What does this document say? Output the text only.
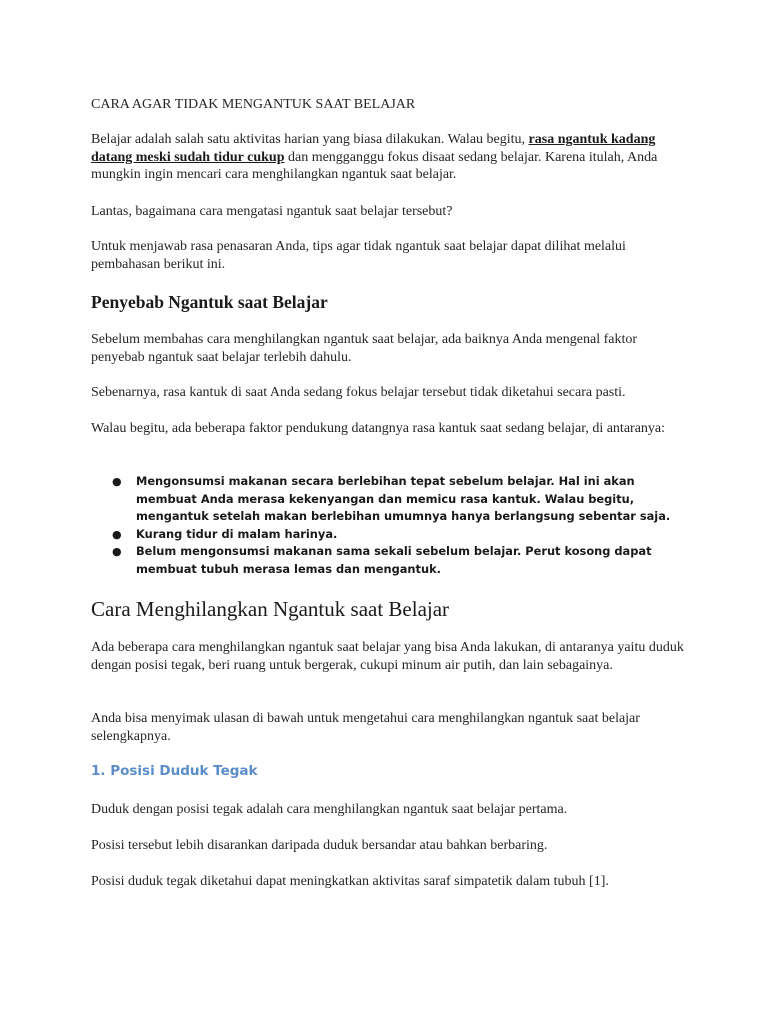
CARA AGAR TIDAK MENGANTUK SAAT BELAJAR

Belajar adalah salah satu aktivitas harian yang biasa dilakukan. Walau begitu, rasa ngantuk kadang datang meski sudah tidur cukup dan mengganggu fokus disaat sedang belajar. Karena itulah, Anda mungkin ingin mencari cara menghilangkan ngantuk saat belajar.

Lantas, bagaimana cara mengatasi ngantuk saat belajar tersebut?

Untuk menjawab rasa penasaran Anda, tips agar tidak ngantuk saat belajar dapat dilihat melalui pembahasan berikut ini.

Penyebab Ngantuk saat Belajar

Sebelum membahas cara menghilangkan ngantuk saat belajar, ada baiknya Anda mengenal faktor penyebab ngantuk saat belajar terlebih dahulu.

Sebenarnya, rasa kantuk di saat Anda sedang fokus belajar tersebut tidak diketahui secara pasti.

Walau begitu, ada beberapa faktor pendukung datangnya rasa kantuk saat sedang belajar, di antaranya:

● Mengonsumsi makanan secara berlebihan tepat sebelum belajar. Hal ini akan membuat Anda merasa kekenyangan dan memicu rasa kantuk. Walau begitu, mengantuk setelah makan berlebihan umumnya hanya berlangsung sebentar saja.
● Kurang tidur di malam harinya.
● Belum mengonsumsi makanan sama sekali sebelum belajar. Perut kosong dapat membuat tubuh merasa lemas dan mengantuk.

Cara Menghilangkan Ngantuk saat Belajar

Ada beberapa cara menghilangkan ngantuk saat belajar yang bisa Anda lakukan, di antaranya yaitu duduk dengan posisi tegak, beri ruang untuk bergerak, cukupi minum air putih, dan lain sebagainya.

Anda bisa menyimak ulasan di bawah untuk mengetahui cara menghilangkan ngantuk saat belajar selengkapnya.

1. Posisi Duduk Tegak

Duduk dengan posisi tegak adalah cara menghilangkan ngantuk saat belajar pertama.

Posisi tersebut lebih disarankan daripada duduk bersandar atau bahkan berbaring.

Posisi duduk tegak diketahui dapat meningkatkan aktivitas saraf simpatetik dalam tubuh [1].
